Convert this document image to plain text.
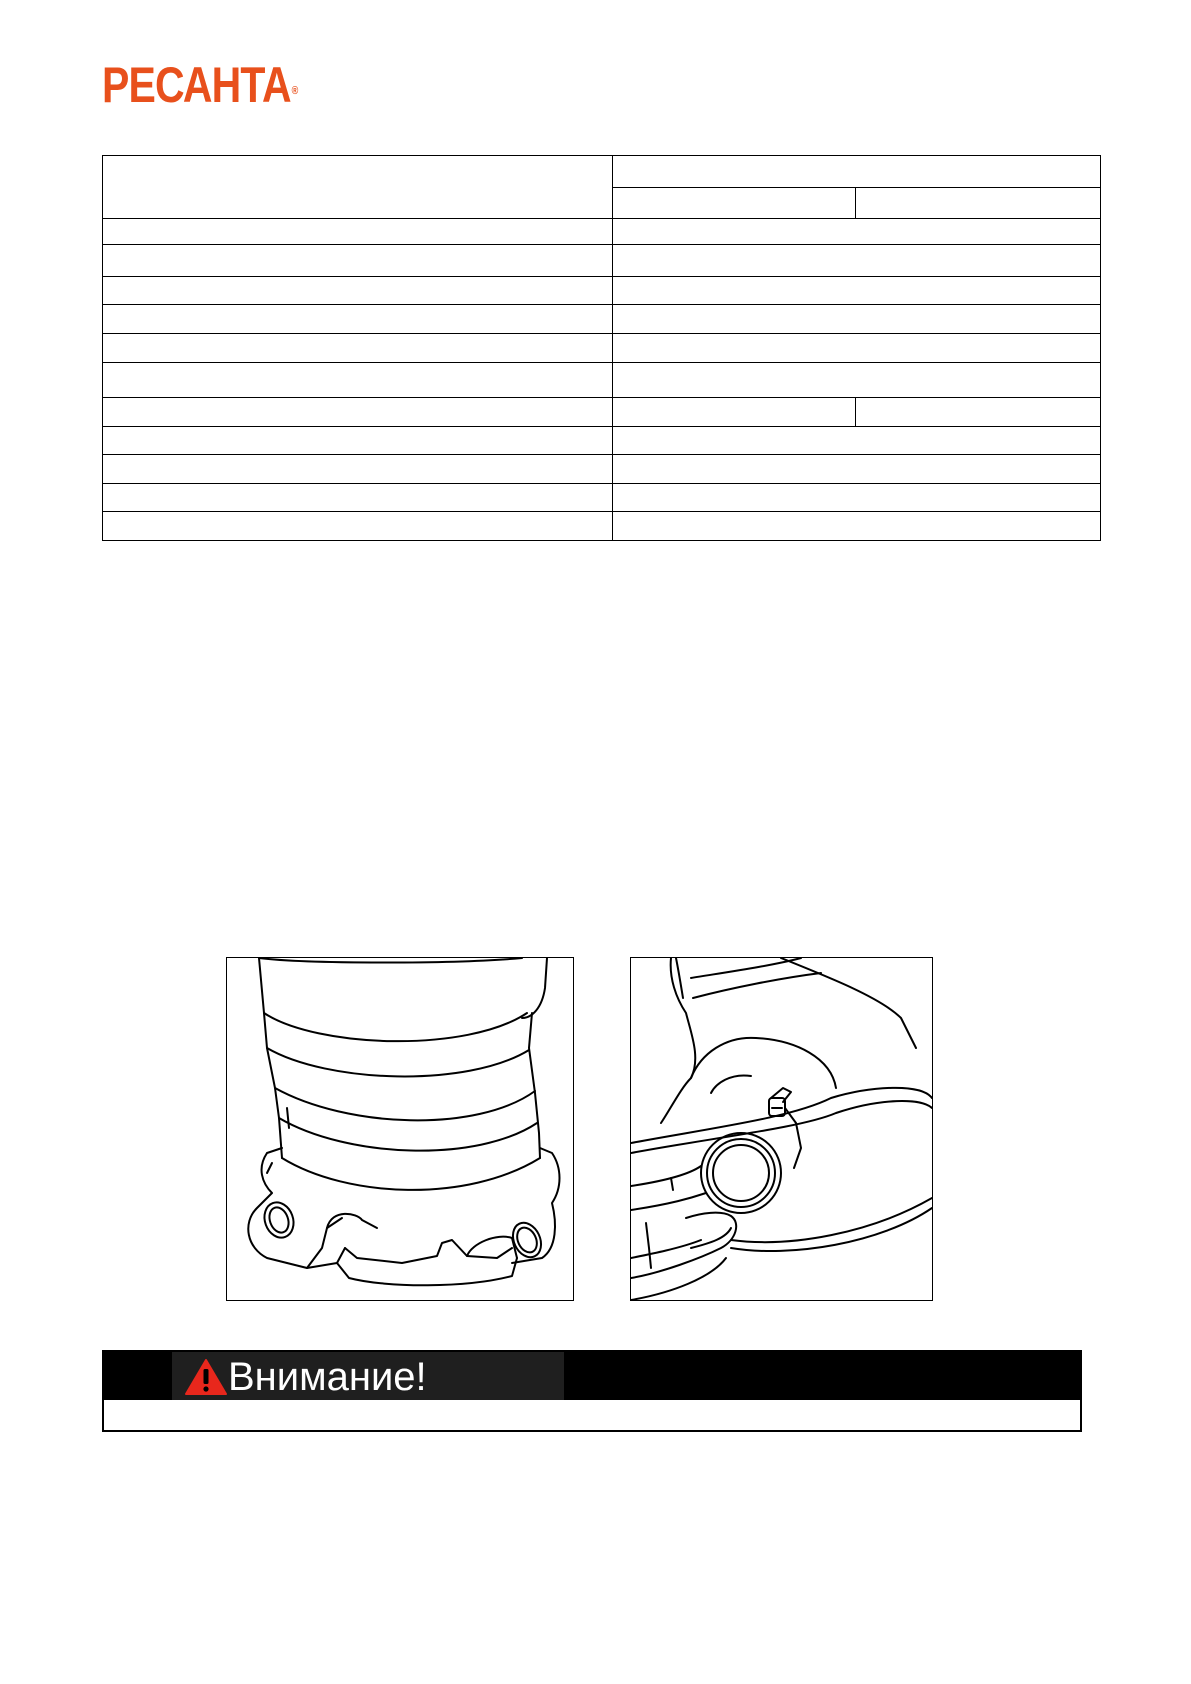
РЕСАНТА®

Внимание!
